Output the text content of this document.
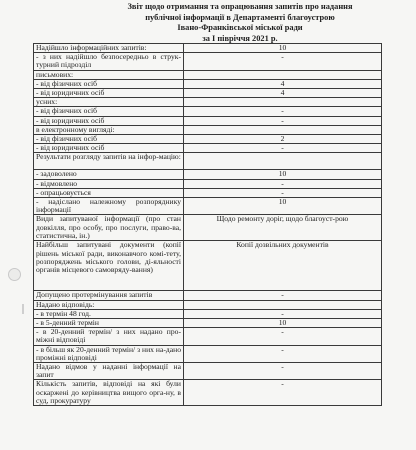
Звіт щодо отримання та опрацювання запитів про надання
публічної інформації в Департаменті благоустрою
Івано-Франківської міської ради
за І півріччя 2021 р.
Надійшло інформаційних запитів:	10
- з них надійшло безпосередньо в струк-турний підрозділ	-
письмових:	
- від фізичних осіб	4
- від юридичних осіб	4
усних:	
- від фізичних осіб	-
- від юридичних осіб	-
в електронному вигляді:	
- від фізичних осіб	2
- від юридичних осіб	-
Результати розгляду запитів на інфор-мацію:	
- задоволено	10
- відмовлено	-
- опрацьовується	-
- надіслано належному розпоряднику інформації	10
Види запитуваної інформації (про стан довкілля, про особу, про послуги, право-ва, статистична, ін.)	Щодо ремонту доріг, щодо благоуст-рою
Найбільш запитувані документи (копії рішень міської ради, виконавчого комі-тету, розпоряджень міського голови, ді-яльності органів місцевого самовряду-вання)	Копії дозвільних документів
Допущено протермінування запитів	-
Надано відповідь:	
- в термін 48 год.	-
- в 5-денний термін	10
- в 20-денний термін/ з них надано про-міжні відповіді	-
- в більш як 20-денний термін/ з них на-дано проміжні відповіді	-
Надано відмов у наданні інформації на запит	-
Кількість запитів, відповіді на які були оскаржені до керівництва вищого орга-ну, в суд, прокуратуру	-
